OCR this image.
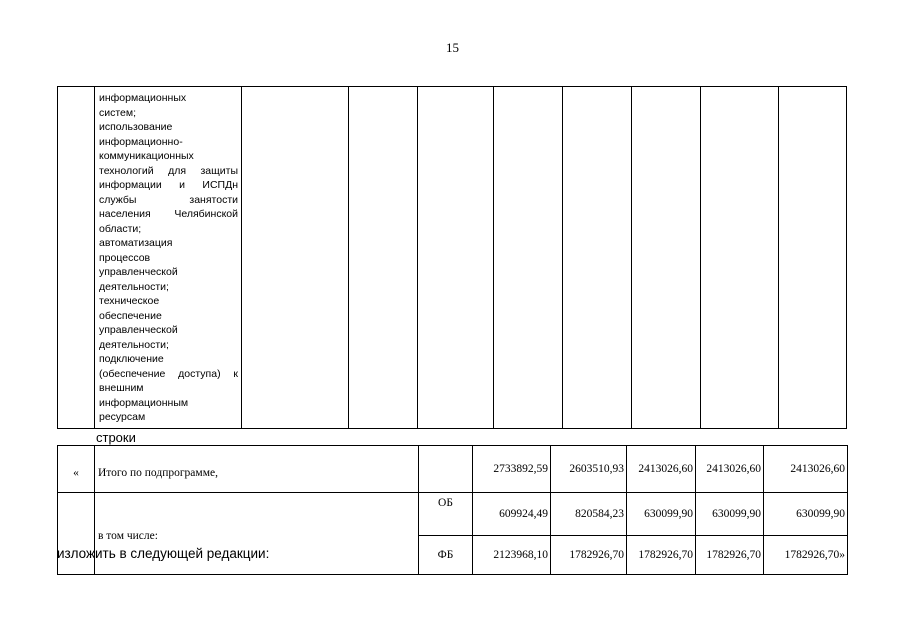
15

информационных
систем;
использование
информационно-
коммуникационных
технологий для защиты
информации и ИСПДн
службы занятости
населения Челябинской
области;
автоматизация
процессов
управленческой
деятельности;
техническое
обеспечение
управленческой
деятельности;
подключение
(обеспечение доступа) к
внешним
информационным
ресурсам

строки
«	Итого по подпрограмме,		2733892,59	2603510,93	2413026,60	2413026,60	2413026,60
	в том числе:	ОБ	609924,49	820584,23	630099,90	630099,90	630099,90
		ФБ	2123968,10	1782926,70	1782926,70	1782926,70	1782926,70»
изложить в следующей редакции:
